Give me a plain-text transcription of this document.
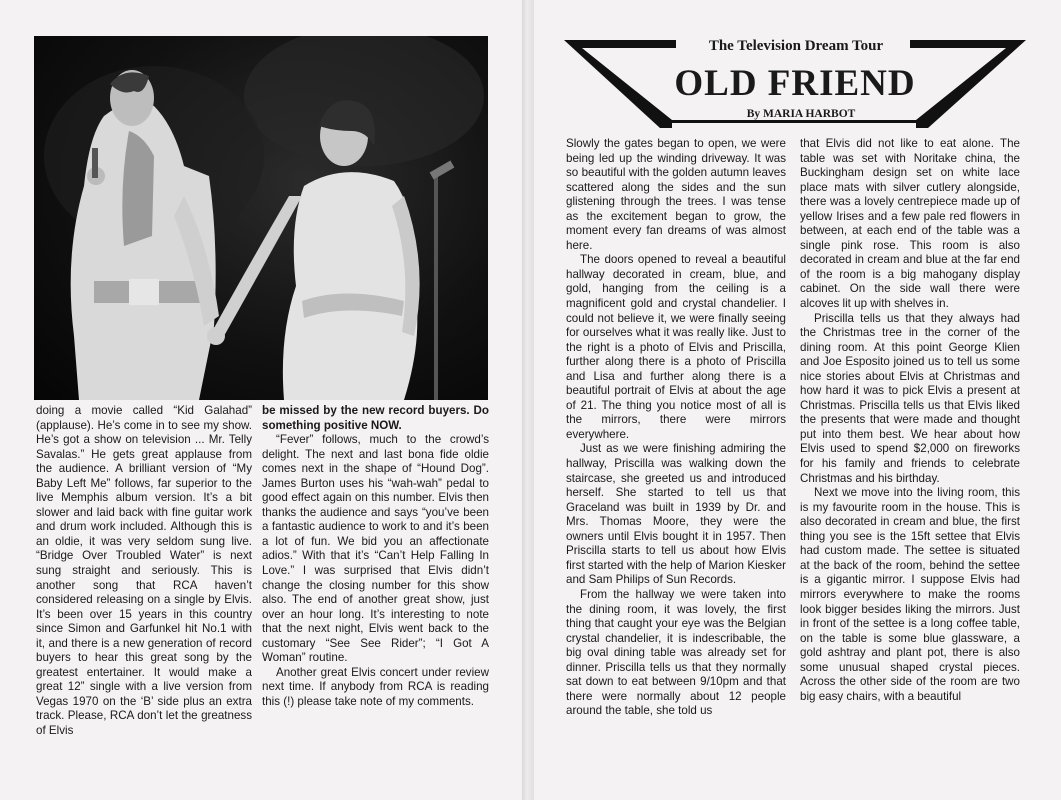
doing a movie called “Kid Galahad” (applause). He’s come in to see my show. He’s got a show on television ... Mr. Telly Savalas.” He gets great applause from the audience. A brilliant version of “My Baby Left Me” follows, far superior to the live Memphis album version. It’s a bit slower and laid back with fine guitar work and drum work included. Although this is an oldie, it was very seldom sung live. “Bridge Over Troubled Water” is next sung straight and seriously. This is another song that RCA haven’t considered releasing on a single by Elvis. It’s been over 15 years in this country since Simon and Garfunkel hit No.1 with it, and there is a new generation of record buyers to hear this great song by the greatest entertainer. It would make a great 12” single with a live version from Vegas 1970 on the ‘B’ side plus an extra track. Please, RCA don’t let the greatness of Elvis

be missed by the new record buyers. Do something positive NOW.

“Fever” follows, much to the crowd’s delight. The next and last bona fide oldie comes next in the shape of “Hound Dog”. James Burton uses his “wah-wah” pedal to good effect again on this number. Elvis then thanks the audience and says “you’ve been a fantastic audience to work to and it’s been a lot of fun. We bid you an affectionate adios.” With that it’s “Can’t Help Falling In Love.” I was surprised that Elvis didn’t change the closing number for this show also. The end of another great show, just over an hour long. It’s interesting to note that the next night, Elvis went back to the customary “See See Rider”; “I Got A Woman” routine.

Another great Elvis concert under review next time. If anybody from RCA is reading this (!) please take note of my comments.

The Television Dream Tour
OLD FRIEND
By MARIA HARBOT

Slowly the gates began to open, we were being led up the winding driveway. It was so beautiful with the golden autumn leaves scattered along the sides and the sun glistening through the trees. I was tense as the excitement began to grow, the moment every fan dreams of was almost here.

The doors opened to reveal a beautiful hallway decorated in cream, blue, and gold, hanging from the ceiling is a magnificent gold and crystal chandelier. I could not believe it, we were finally seeing for ourselves what it was really like. Just to the right is a photo of Elvis and Priscilla, further along there is a photo of Priscilla and Lisa and further along there is a beautiful portrait of Elvis at about the age of 21. The thing you notice most of all is the mirrors, there were mirrors everywhere.

Just as we were finishing admiring the hallway, Priscilla was walking down the staircase, she greeted us and introduced herself. She started to tell us that Graceland was built in 1939 by Dr. and Mrs. Thomas Moore, they were the owners until Elvis bought it in 1957. Then Priscilla starts to tell us about how Elvis first started with the help of Marion Kiesker and Sam Philips of Sun Records.

From the hallway we were taken into the dining room, it was lovely, the first thing that caught your eye was the Belgian crystal chandelier, it is indescribable, the big oval dining table was already set for dinner. Priscilla tells us that they normally sat down to eat between 9/10pm and that there were normally about 12 people around the table, she told us

that Elvis did not like to eat alone. The table was set with Noritake china, the Buckingham design set on white lace place mats with silver cutlery alongside, there was a lovely centrepiece made up of yellow Irises and a few pale red flowers in between, at each end of the table was a single pink rose. This room is also decorated in cream and blue at the far end of the room is a big mahogany display cabinet. On the side wall there were alcoves lit up with shelves in.

Priscilla tells us that they always had the Christmas tree in the corner of the dining room. At this point George Klien and Joe Esposito joined us to tell us some nice stories about Elvis at Christmas and how hard it was to pick Elvis a present at Christmas. Priscilla tells us that Elvis liked the presents that were made and thought put into them best. We hear about how Elvis used to spend $2,000 on fireworks for his family and friends to celebrate Christmas and his birthday.

Next we move into the living room, this is my favourite room in the house. This is also decorated in cream and blue, the first thing you see is the 15ft settee that Elvis had custom made. The settee is situated at the back of the room, behind the settee is a gigantic mirror. I suppose Elvis had mirrors everywhere to make the rooms look bigger besides liking the mirrors. Just in front of the settee is a long coffee table, on the table is some blue glassware, a gold ashtray and plant pot, there is also some unusual shaped crystal pieces. Across the other side of the room are two big easy chairs, with a beautiful
